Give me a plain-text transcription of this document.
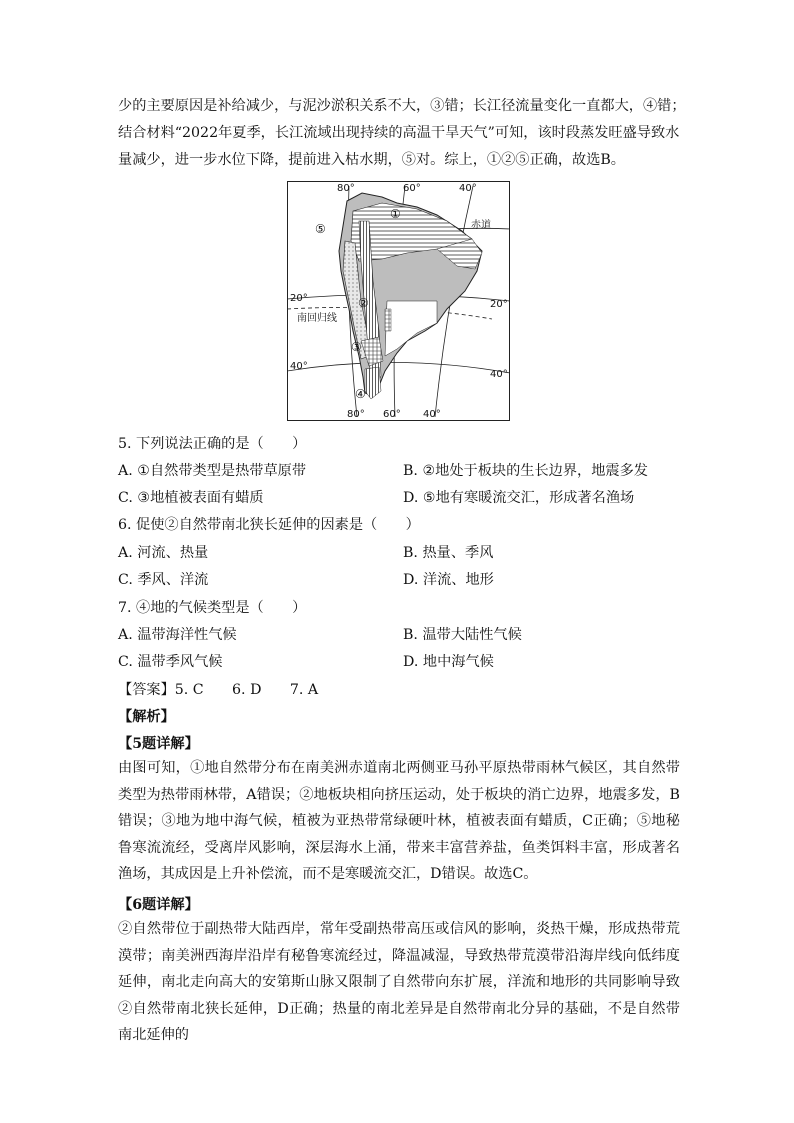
少的主要原因是补给减少，与泥沙淤积关系不大，③错；长江径流量变化一直都大，④错；
结合材料“2022年夏季，长江流域出现持续的高温干旱天气”可知，该时段蒸发旺盛导致水
量减少，进一步水位下降，提前进入枯水期，⑤对。综上，①②⑤正确，故选B。
80°	60°	40°
80° 60° 40°
20°
40°
20°
40°
赤道
南回归线
①
②
③
④
⑤
5. 下列说法正确的是（　　）
A. ①自然带类型是热带草原带	B. ②地处于板块的生长边界，地震多发
C. ③地植被表面有蜡质	D. ⑤地有寒暖流交汇，形成著名渔场
6. 促使②自然带南北狭长延伸的因素是（　　）
A. 河流、热量	B. 热量、季风
C. 季风、洋流	D. 洋流、地形
7. ④地的气候类型是（　　）
A. 温带海洋性气候	B. 温带大陆性气候
C. 温带季风气候	D. 地中海气候
【答案】5. C　　6. D　　7. A
【解析】
【5题详解】
由图可知，①地自然带分布在南美洲赤道南北两侧亚马孙平原热带雨林气候区，其自然带类型为热带雨林带，A错误；②地板块相向挤压运动，处于板块的消亡边界，地震多发，B错误；③地为地中海气候，植被为亚热带常绿硬叶林，植被表面有蜡质，C正确；⑤地秘鲁寒流流经，受离岸风影响，深层海水上涌，带来丰富营养盐，鱼类饵料丰富，形成著名渔场，其成因是上升补偿流，而不是寒暖流交汇，D错误。故选C。
【6题详解】
②自然带位于副热带大陆西岸，常年受副热带高压或信风的影响，炎热干燥，形成热带荒漠带；南美洲西海岸沿岸有秘鲁寒流经过，降温减湿，导致热带荒漠带沿海岸线向低纬度延伸，南北走向高大的安第斯山脉又限制了自然带向东扩展，洋流和地形的共同影响导致②自然带南北狭长延伸，D正确；热量的南北差异是自然带南北分异的基础，不是自然带南北延伸的
